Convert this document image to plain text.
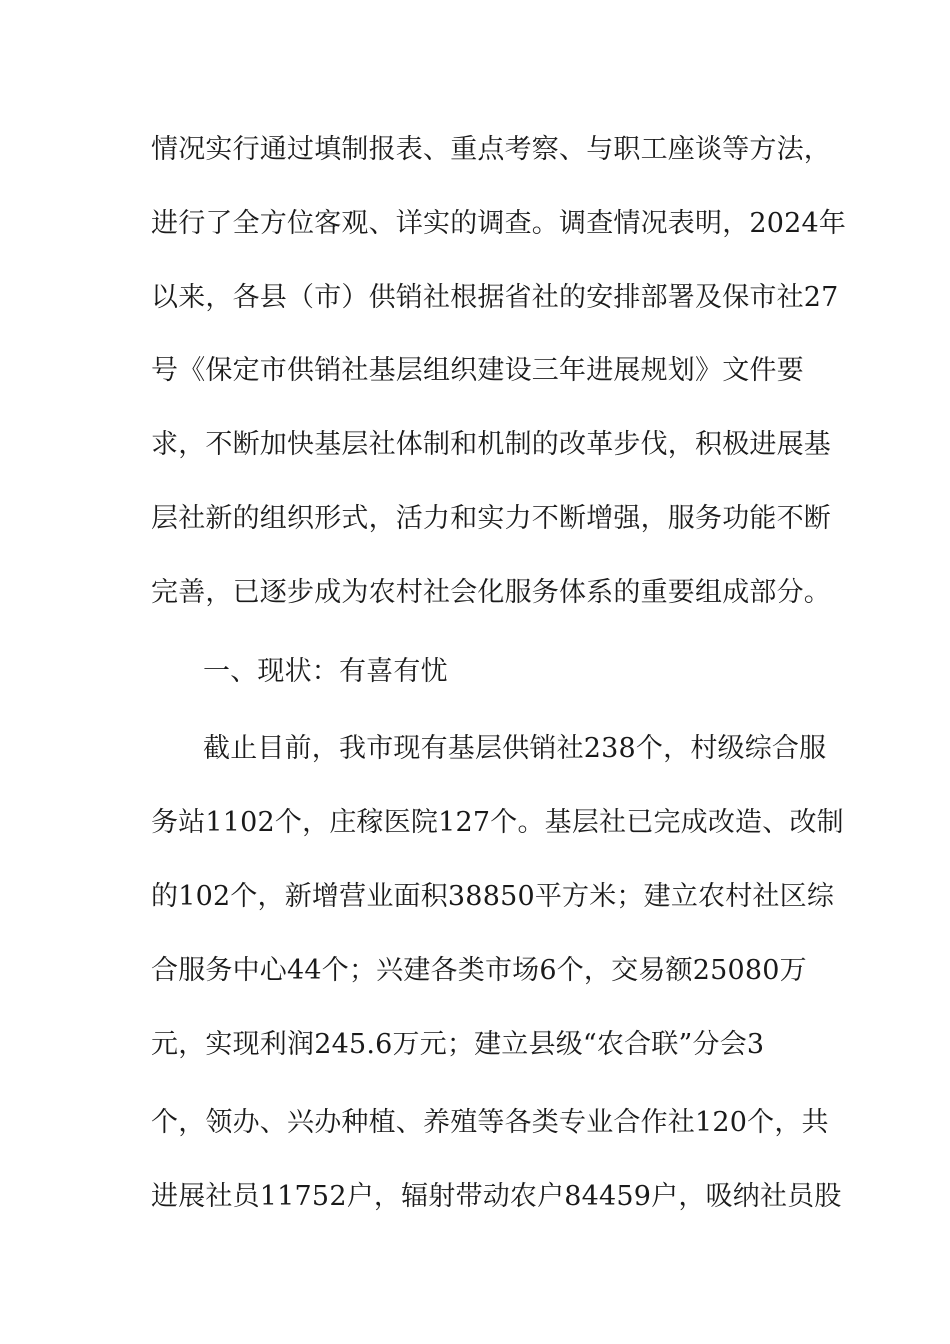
情况实行通过填制报表、重点考察、与职工座谈等方法，
进行了全方位客观、详实的调查。调查情况表明，2024年
以来，各县（市）供销社根据省社的安排部署及保市社27
号《保定市供销社基层组织建设三年进展规划》文件要
求，不断加快基层社体制和机制的改革步伐，积极进展基
层社新的组织形式，活力和实力不断增强，服务功能不断
完善，已逐步成为农村社会化服务体系的重要组成部分。
一、现状：有喜有忧
截止目前，我市现有基层供销社238个，村级综合服
务站1102个，庄稼医院127个。基层社已完成改造、改制
的102个，新增营业面积38850平方米；建立农村社区综
合服务中心44个；兴建各类市场6个，交易额25080万
元，实现利润245.6万元；建立县级“农合联”分会3
个，领办、兴办种植、养殖等各类专业合作社120个，共
进展社员11752户，辐射带动农户84459户，吸纳社员股
